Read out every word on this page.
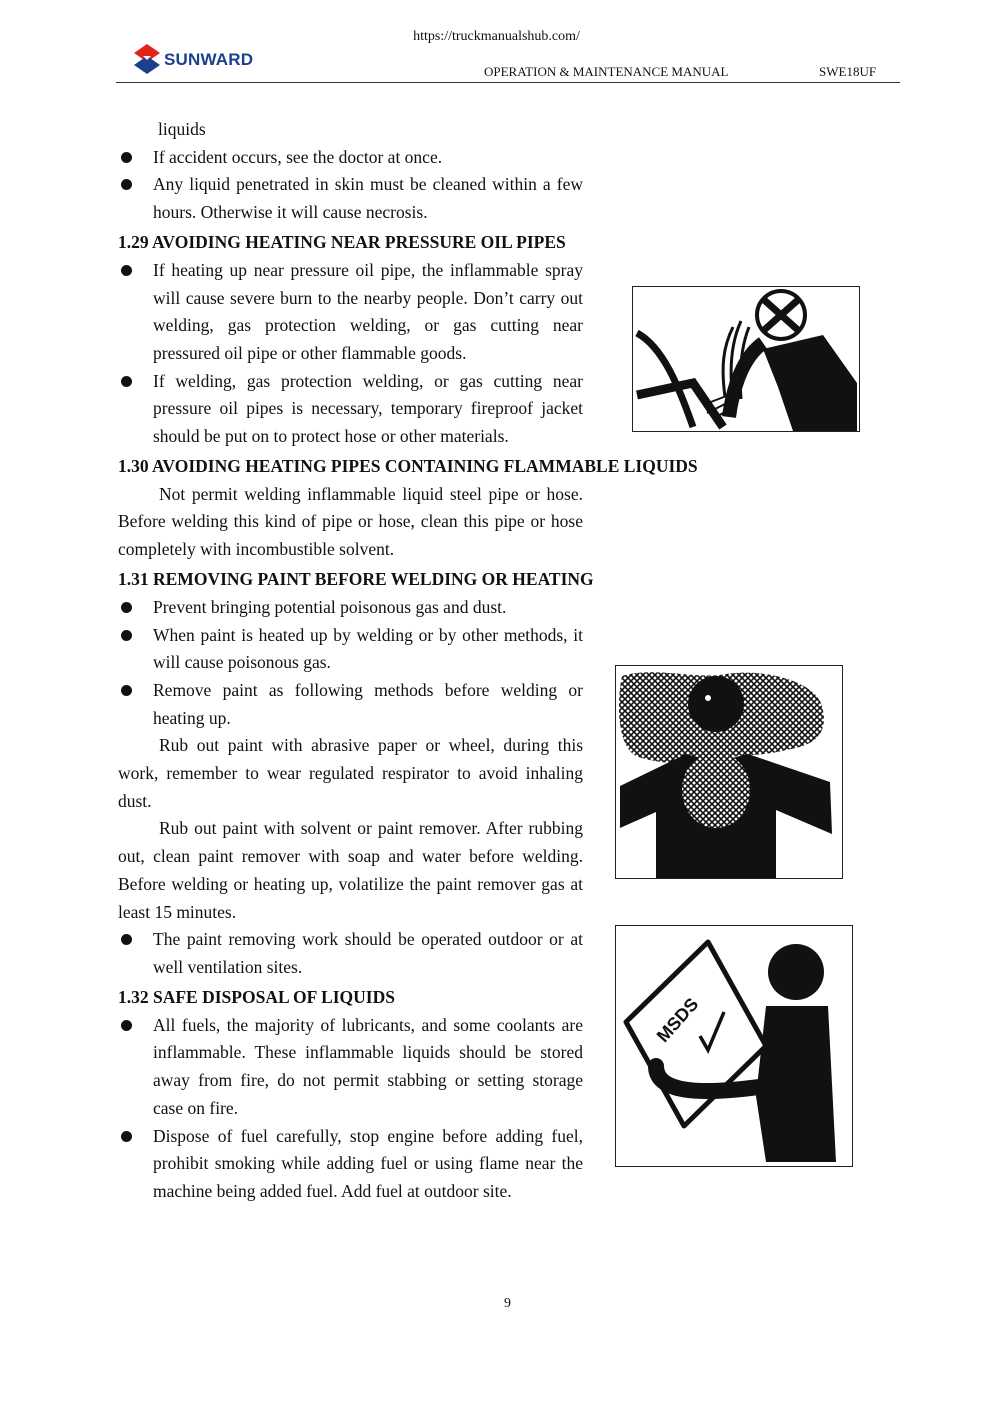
https://truckmanualshub.com/
SUNWARD
OPERATION & MAINTENANCE MANUAL	SWE18UF

liquids

If accident occurs, see the doctor at once.

Any liquid penetrated in skin must be cleaned within a few hours. Otherwise it will cause necrosis.

1.29 AVOIDING HEATING NEAR PRESSURE OIL PIPES

If heating up near pressure oil pipe, the inflammable spray will cause severe burn to the nearby people. Don’t carry out welding, gas protection welding, or gas cutting near pressured oil pipe or other flammable goods.

If welding, gas protection welding, or gas cutting near pressure oil pipes is necessary, temporary fireproof jacket should be put on to protect hose or other materials.

1.30 AVOIDING HEATING PIPES CONTAINING FLAMMABLE LIQUIDS

Not permit welding inflammable liquid steel pipe or hose. Before welding this kind of pipe or hose, clean this pipe or hose completely with incombustible solvent.

1.31 REMOVING PAINT BEFORE WELDING OR HEATING

Prevent bringing potential poisonous gas and dust.

When paint is heated up by welding or by other methods, it will cause poisonous gas.

Remove paint as following methods before welding or heating up.

Rub out paint with abrasive paper or wheel, during this work, remember to wear regulated respirator to avoid inhaling dust.

Rub out paint with solvent or paint remover. After rubbing out, clean paint remover with soap and water before welding. Before welding or heating up, volatilize the paint remover gas at least 15 minutes.

The paint removing work should be operated outdoor or at well ventilation sites.

1.32 SAFE DISPOSAL OF LIQUIDS

All fuels, the majority of lubricants, and some coolants are inflammable. These inflammable liquids should be stored away from fire, do not permit stabbing or setting storage case on fire.

Dispose of fuel carefully, stop engine before adding fuel, prohibit smoking while adding fuel or using flame near the machine being added fuel. Add fuel at outdoor site.

MSDS
9
